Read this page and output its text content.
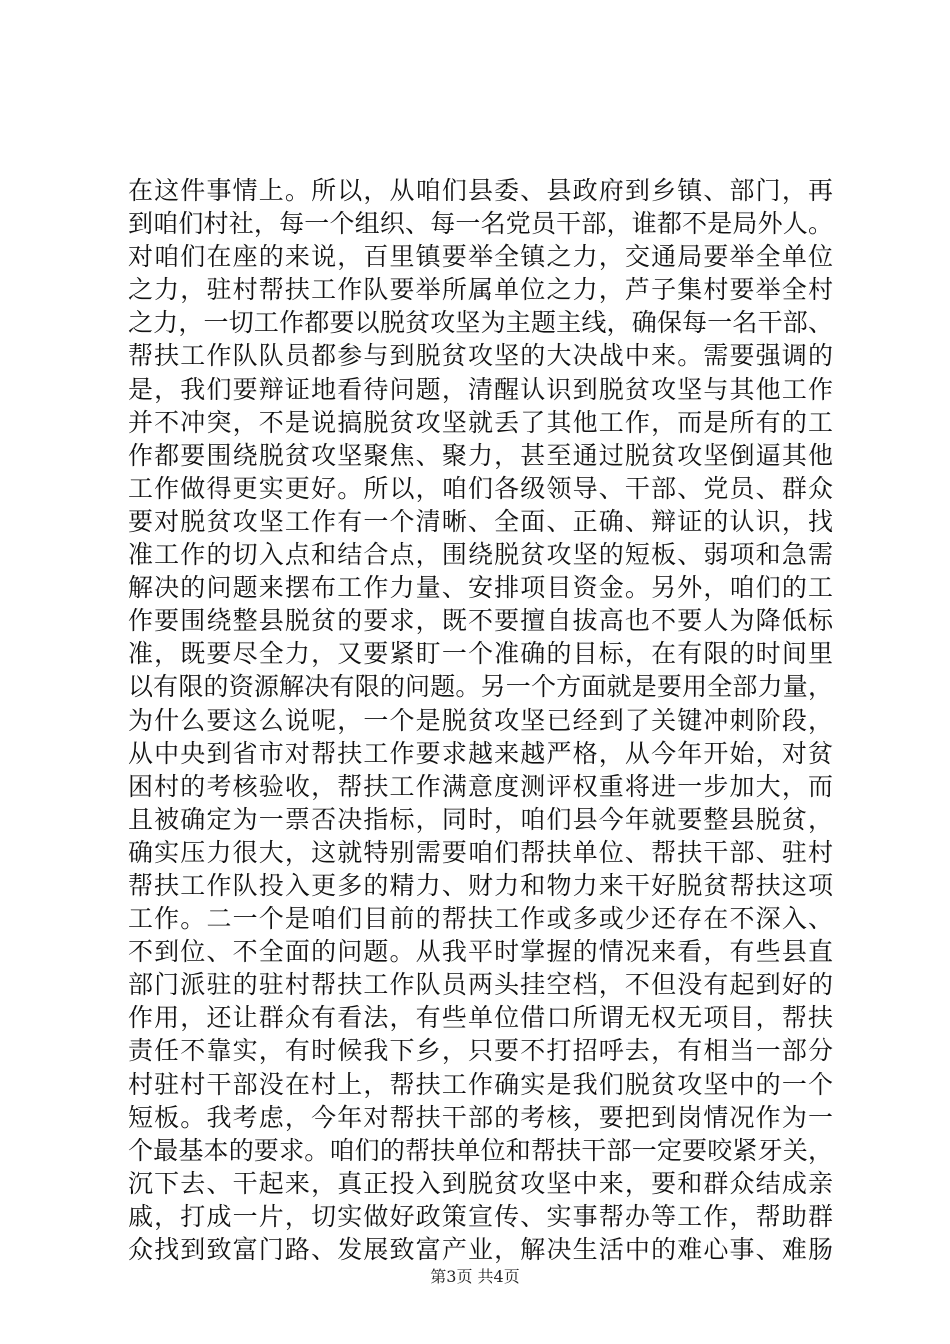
在这件事情上。所以，从咱们县委、县政府到乡镇、部门，再
到咱们村社，每一个组织、每一名党员干部，谁都不是局外人。
对咱们在座的来说，百里镇要举全镇之力，交通局要举全单位
之力，驻村帮扶工作队要举所属单位之力，芦子集村要举全村
之力，一切工作都要以脱贫攻坚为主题主线，确保每一名干部、
帮扶工作队队员都参与到脱贫攻坚的大决战中来。需要强调的
是，我们要辩证地看待问题，清醒认识到脱贫攻坚与其他工作
并不冲突，不是说搞脱贫攻坚就丢了其他工作，而是所有的工
作都要围绕脱贫攻坚聚焦、聚力，甚至通过脱贫攻坚倒逼其他
工作做得更实更好。所以，咱们各级领导、干部、党员、群众
要对脱贫攻坚工作有一个清晰、全面、正确、辩证的认识，找
准工作的切入点和结合点，围绕脱贫攻坚的短板、弱项和急需
解决的问题来摆布工作力量、安排项目资金。另外，咱们的工
作要围绕整县脱贫的要求，既不要擅自拔高也不要人为降低标
准，既要尽全力，又要紧盯一个准确的目标，在有限的时间里
以有限的资源解决有限的问题。另一个方面就是要用全部力量，
为什么要这么说呢，一个是脱贫攻坚已经到了关键冲刺阶段，
从中央到省市对帮扶工作要求越来越严格，从今年开始，对贫
困村的考核验收，帮扶工作满意度测评权重将进一步加大，而
且被确定为一票否决指标，同时，咱们县今年就要整县脱贫，
确实压力很大，这就特别需要咱们帮扶单位、帮扶干部、驻村
帮扶工作队投入更多的精力、财力和物力来干好脱贫帮扶这项
工作。二一个是咱们目前的帮扶工作或多或少还存在不深入、
不到位、不全面的问题。从我平时掌握的情况来看，有些县直
部门派驻的驻村帮扶工作队员两头挂空档，不但没有起到好的
作用，还让群众有看法，有些单位借口所谓无权无项目，帮扶
责任不靠实，有时候我下乡，只要不打招呼去，有相当一部分
村驻村干部没在村上，帮扶工作确实是我们脱贫攻坚中的一个
短板。我考虑，今年对帮扶干部的考核，要把到岗情况作为一
个最基本的要求。咱们的帮扶单位和帮扶干部一定要咬紧牙关，
沉下去、干起来，真正投入到脱贫攻坚中来，要和群众结成亲
戚，打成一片，切实做好政策宣传、实事帮办等工作，帮助群
众找到致富门路、发展致富产业，解决生活中的难心事、难肠
第3页 共4页
